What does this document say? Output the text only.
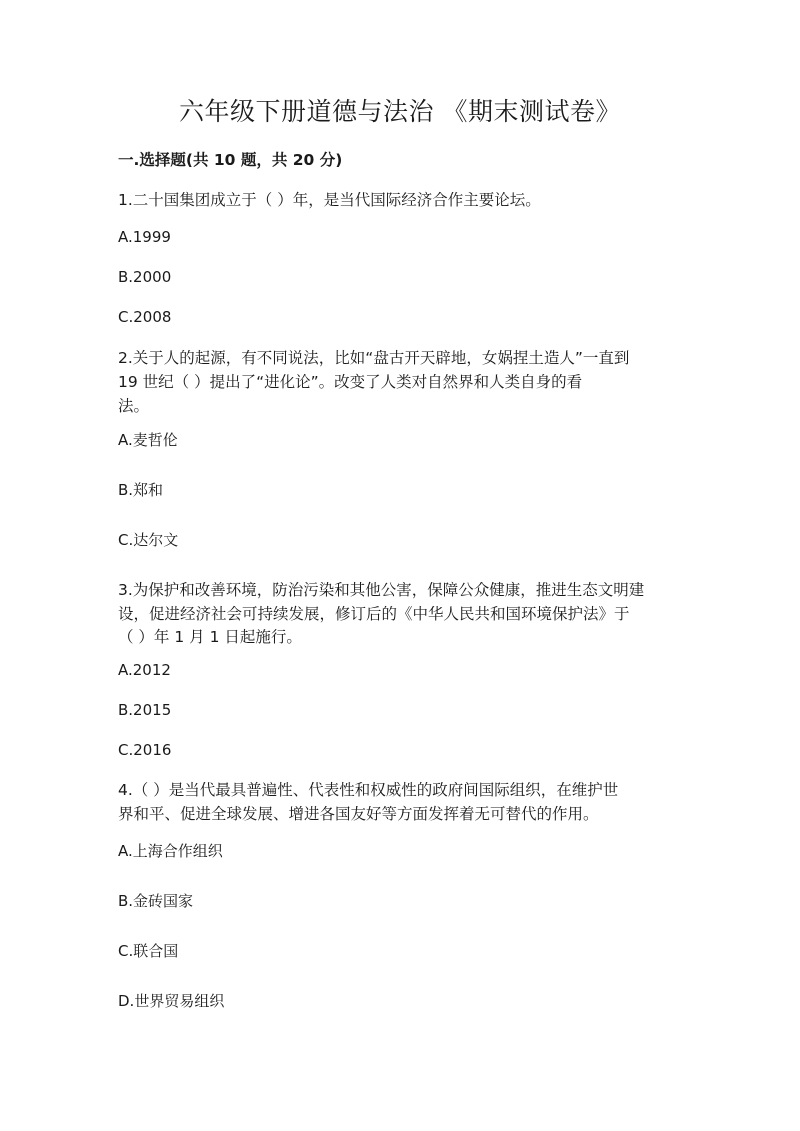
六年级下册道德与法治 《期末测试卷》
一.选择题(共 10 题，共 20 分)
1.二十国集团成立于（ ）年，是当代国际经济合作主要论坛。
A.1999
B.2000
C.2008
2.关于人的起源，有不同说法，比如“盘古开天辟地，女娲捏土造人”一直到
19 世纪（ ）提出了“进化论”。改变了人类对自然界和人类自身的看
法。
A.麦哲伦
B.郑和
C.达尔文
3.为保护和改善环境，防治污染和其他公害，保障公众健康，推进生态文明建
设，促进经济社会可持续发展，修订后的《中华人民共和国环境保护法》于
（ ）年 1 月 1 日起施行。
A.2012
B.2015
C.2016
4.（ ）是当代最具普遍性、代表性和权威性的政府间国际组织，在维护世
界和平、促进全球发展、增进各国友好等方面发挥着无可替代的作用。
A.上海合作组织
B.金砖国家
C.联合国
D.世界贸易组织
